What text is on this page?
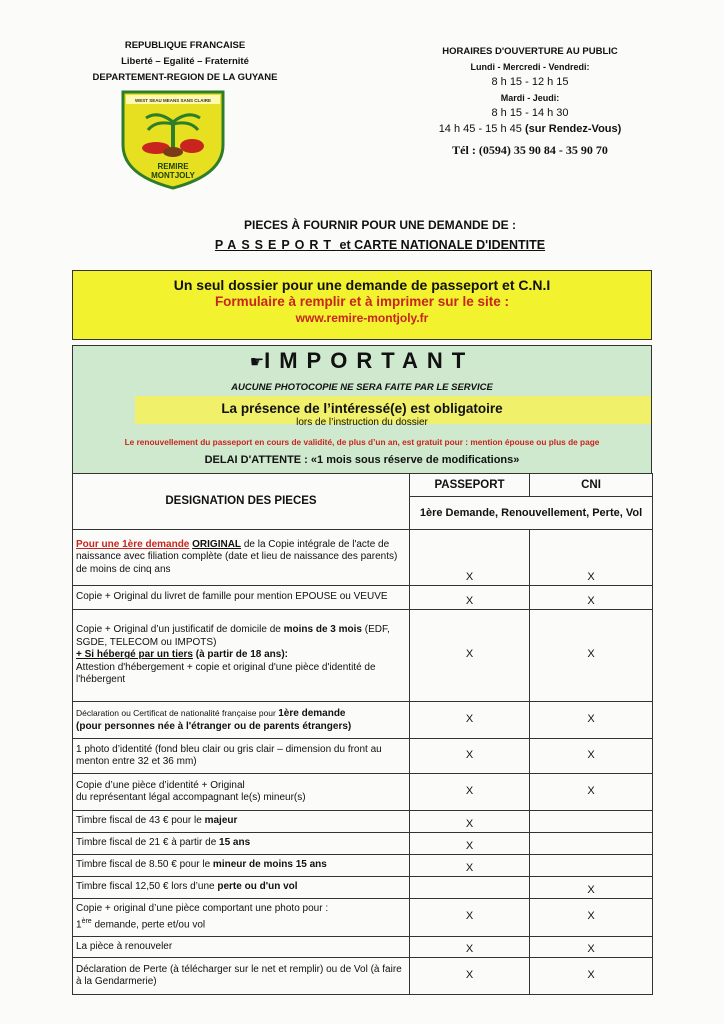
REPUBLIQUE FRANCAISE
Liberté – Egalité – Fraternité
DEPARTEMENT-REGION DE LA GUYANE
WEST SEAU MEANS SANS CLAIRE
REMIRE
MONTJOLY
HORAIRES D'OUVERTURE AU PUBLIC
Lundi - Mercredi - Vendredi:
8 h 15 - 12 h 15
Mardi - Jeudi:
8 h 15 - 14 h 30
14 h 45 - 15 h 45 (sur Rendez-Vous)
Tél : (0594) 35 90 84 - 35 90 70
PIECES À FOURNIR POUR UNE DEMANDE DE :
PASSEPORT et CARTE NATIONALE D'IDENTITE
Un seul dossier pour une demande de passeport et C.N.I
Formulaire à remplir et à imprimer sur le site :
www.remire-montjoly.fr
☛IMPORTANT
AUCUNE PHOTOCOPIE NE SERA FAITE PAR LE SERVICE
La présence de l’intéressé(e) est obligatoire
lors de l’instruction du dossier
Le renouvellement du passeport en cours de validité, de plus d’un an, est gratuit pour : mention épouse ou plus de page
DELAI D'ATTENTE : «1 mois sous réserve de modifications»
DESIGNATION DES PIECES	PASSEPORT	CNI
	1ère Demande, Renouvellement, Perte, Vol	
Pour une 1ère demande ORIGINAL de la Copie intégrale de l'acte de naissance avec filiation complète (date et lieu de naissance des parents) de moins de cinq ans	X	X
Copie + Original du livret de famille pour mention EPOUSE ou VEUVE	X	X
Copie + Original d’un justificatif de domicile de moins de 3 mois (EDF, SGDE, TELECOM ou IMPOTS)
+ Si hébergé par un tiers (à partir de 18 ans):
Attestion d'hébergement + copie et original d'une pièce d'identité de l'hébergent	X	X
Déclaration ou Certificat de nationalité française pour 1ère demande
(pour personnes née à l'étranger ou de parents étrangers)	X	X
1 photo d’identité (fond bleu clair ou gris clair – dimension du front au menton entre 32 et 36 mm)	X	X
Copie d’une pièce d’identité + Original
du représentant légal accompagnant le(s) mineur(s)	X	X
Timbre fiscal de 43 € pour le majeur	X	
Timbre fiscal de 21 € à partir de 15 ans	X	
Timbre fiscal de 8.50 € pour le mineur de moins 15 ans	X	
Timbre fiscal 12,50 € lors d’une perte ou d'un vol		X
Copie + original d’une pièce comportant une photo pour :
1ère demande, perte et/ou vol	X	X
La pièce à renouveler	X	X
Déclaration de Perte (à télécharger sur le net et remplir) ou de Vol (à faire à la Gendarmerie)	X	X
